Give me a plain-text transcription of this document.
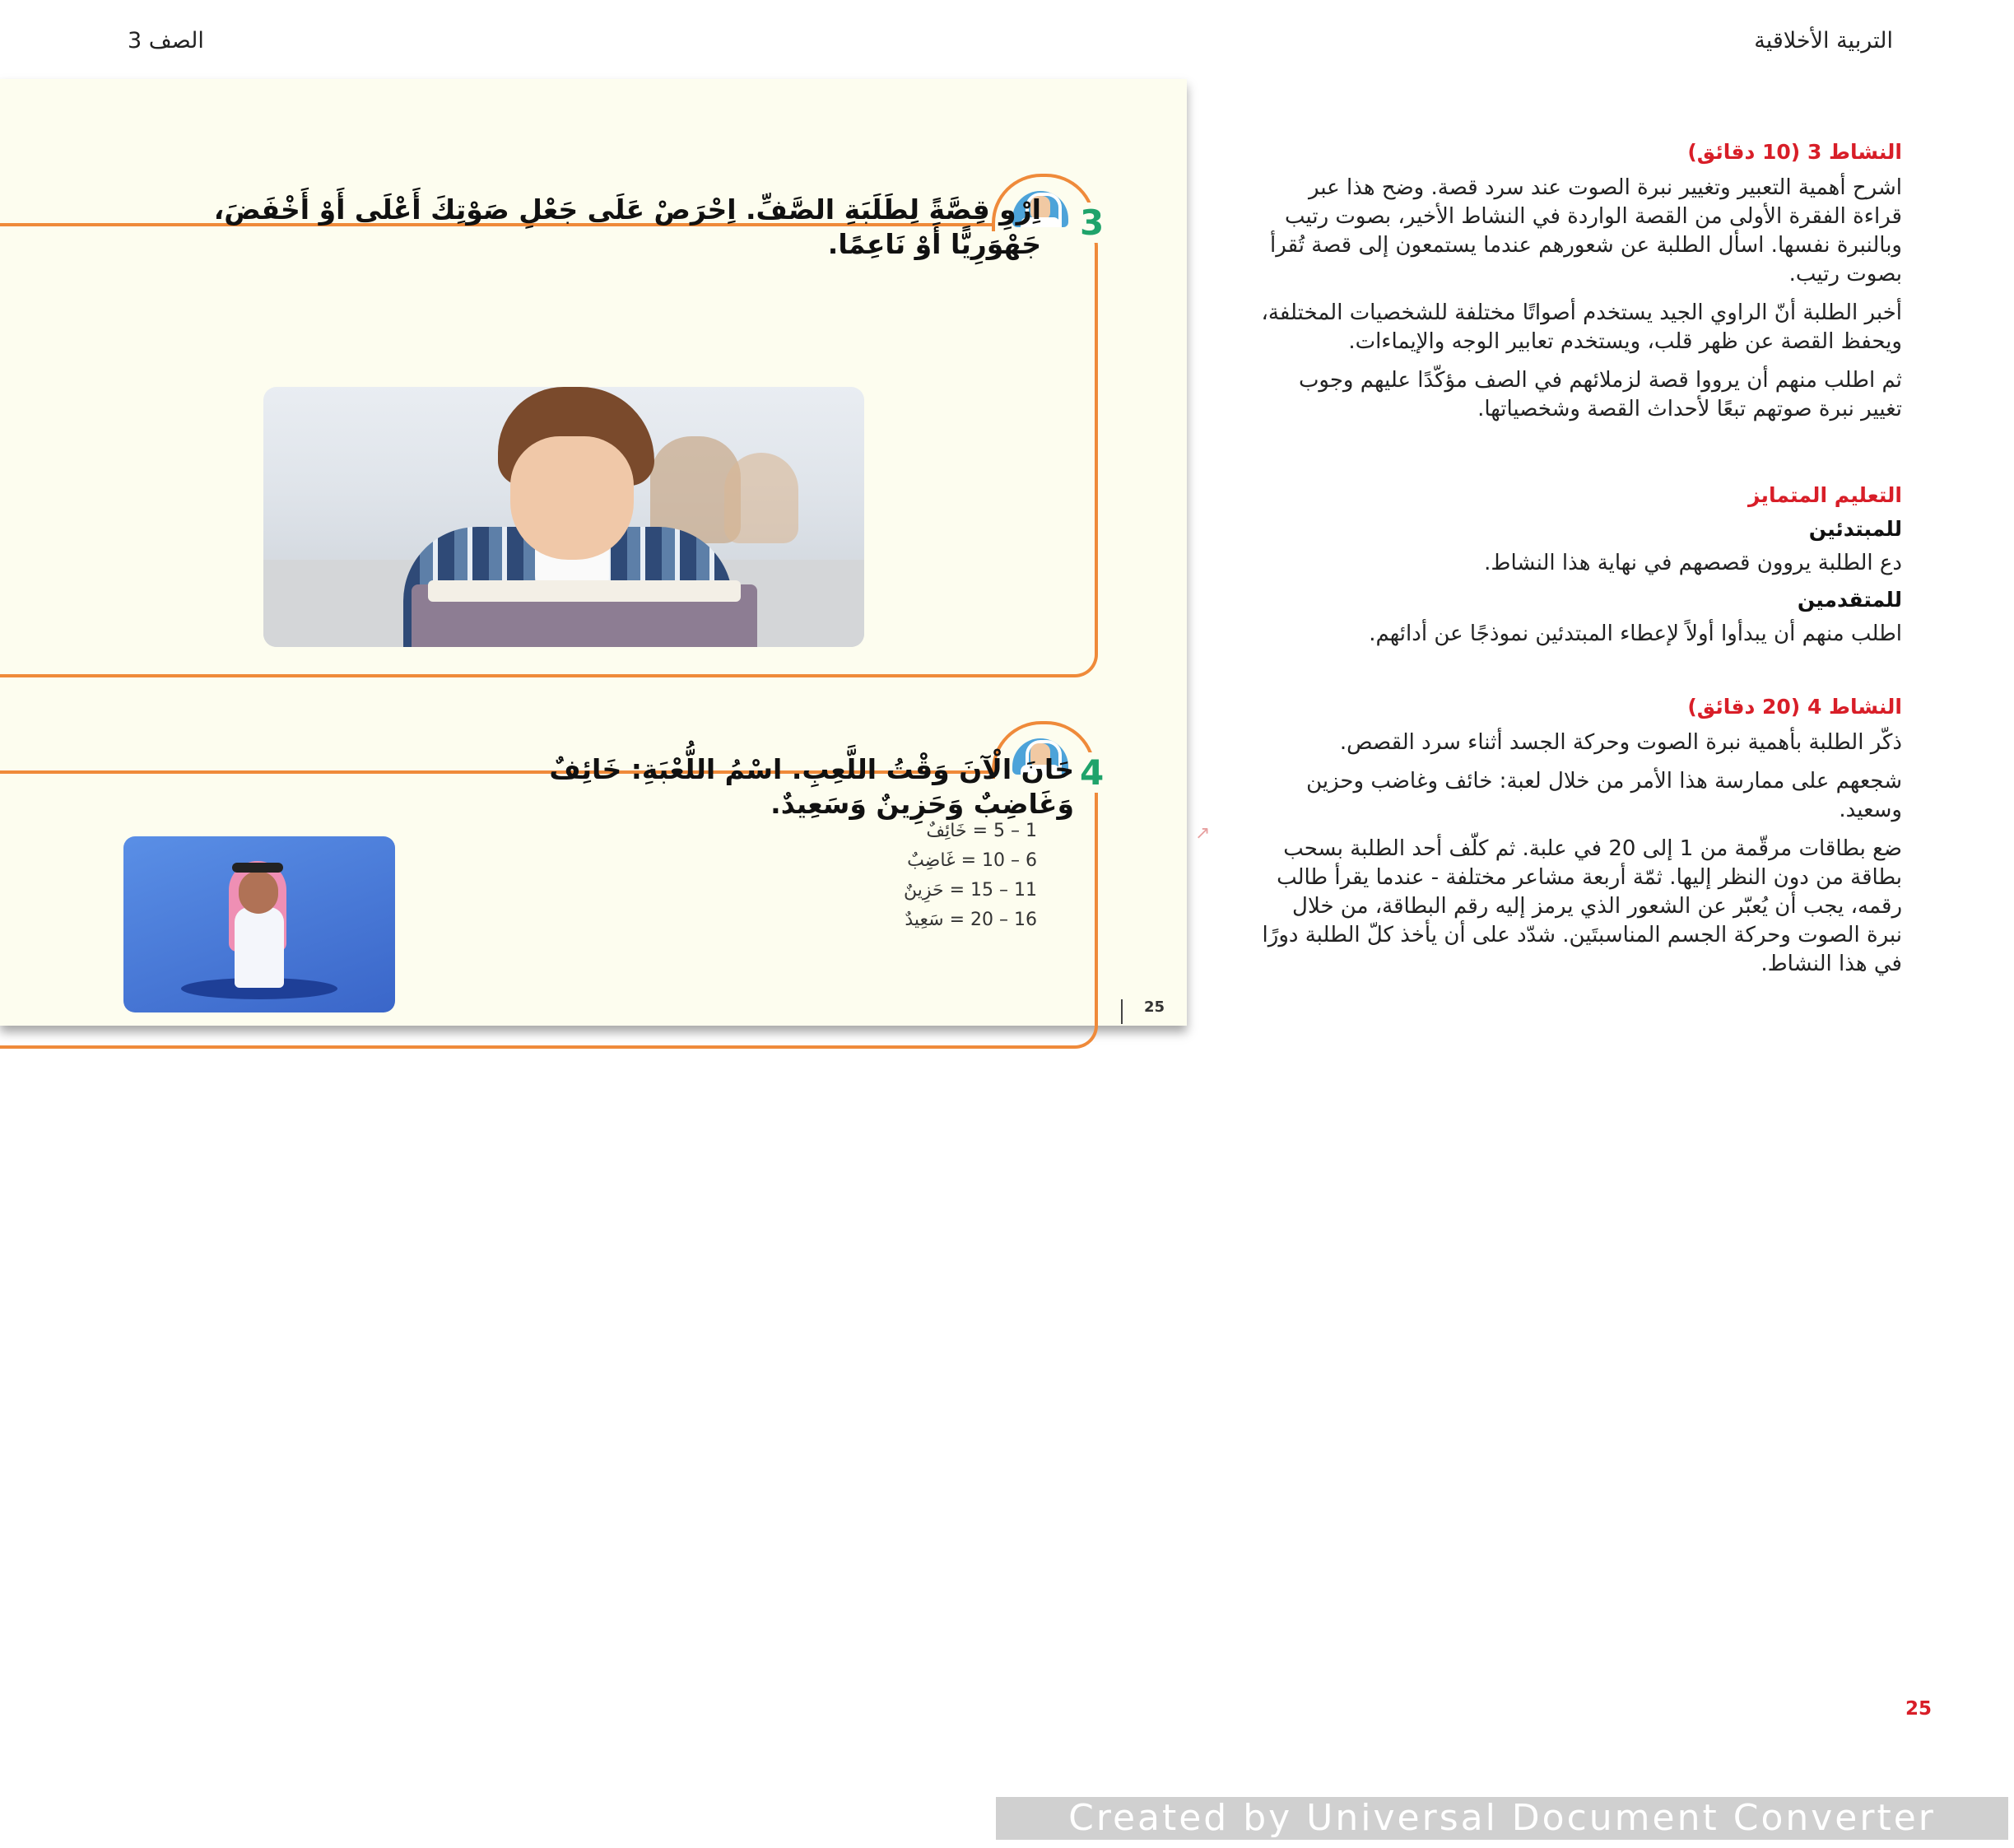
التربية الأخلاقية
الصف 3
3
اِرْوِ قِصَّةً لِطَلَبَةِ الصَّفِّ. اِحْرَصْ عَلَى جَعْلِ صَوْتِكَ أَعْلَى أَوْ أَخْفَضَ، جَهْوَرِيًّا أَوْ نَاعِمًا.
4
حَانَ الْآنَ وَقْتُ اللَّعِبِ. اسْمُ اللُّعْبَةِ: خَائِفٌ وَغَاضِبٌ وَحَزِينٌ وَسَعِيدٌ.
1 – 5 = خَائِفٌ
6 – 10 = غَاضِبٌ
11 – 15 = حَزِينٌ
16 – 20 = سَعِيدٌ
25
↗
النشاط 3 (10 دقائق)

اشرح أهمية التعبير وتغيير نبرة الصوت عند سرد قصة. وضح هذا عبر قراءة الفقرة الأولى من القصة الواردة في النشاط الأخير، بصوت رتيب وبالنبرة نفسها. اسأل الطلبة عن شعورهم عندما يستمعون إلى قصة تُقرأ بصوت رتيب.

أخبر الطلبة أنّ الراوي الجيد يستخدم أصواتًا مختلفة للشخصيات المختلفة، ويحفظ القصة عن ظهر قلب، ويستخدم تعابير الوجه والإيماءات.

ثم اطلب منهم أن يرووا قصة لزملائهم في الصف مؤكّدًا عليهم وجوب تغيير نبرة صوتهم تبعًا لأحداث القصة وشخصياتها.

التعليم المتمايز
للمبتدئين

دع الطلبة يروون قصصهم في نهاية هذا النشاط.

للمتقدمين

اطلب منهم أن يبدأوا أولاً لإعطاء المبتدئين نموذجًا عن أدائهم.

النشاط 4 (20 دقائق)

ذكّر الطلبة بأهمية نبرة الصوت وحركة الجسد أثناء سرد القصص.

شجعهم على ممارسة هذا الأمر من خلال لعبة: خائف وغاضب وحزين وسعيد.

ضع بطاقات مرقّمة من 1 إلى 20 في علبة. ثم كلّف أحد الطلبة بسحب بطاقة من دون النظر إليها. ثمّة أربعة مشاعر مختلفة - عندما يقرأ طالب رقمه، يجب أن يُعبّر عن الشعور الذي يرمز إليه رقم البطاقة، من خلال نبرة الصوت وحركة الجسم المناسبتَين. شدّد على أن يأخذ كلّ الطلبة دورًا في هذا النشاط.

25
Created by Universal Document Converter
